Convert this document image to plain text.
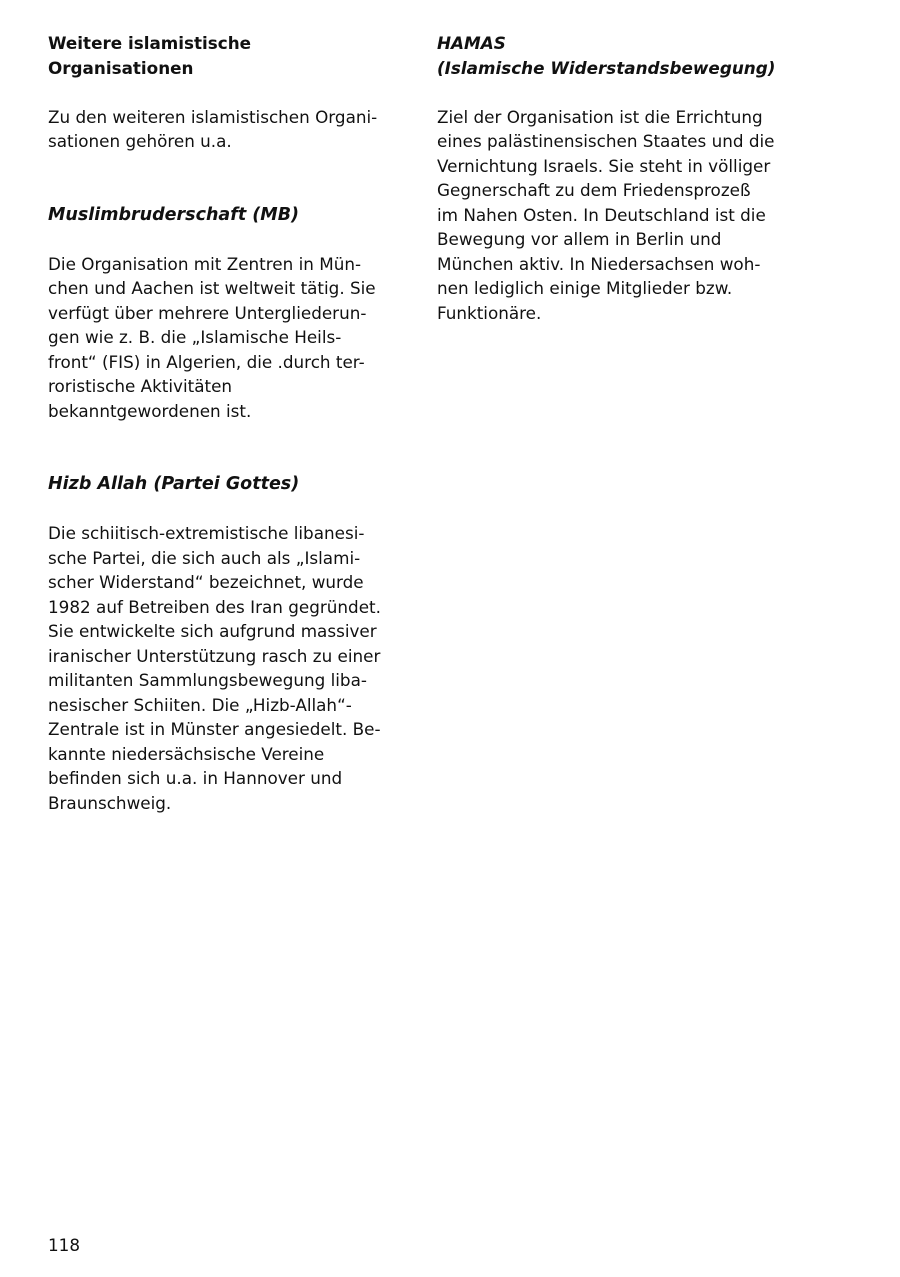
Weitere islamistische
Organisationen

Zu den weiteren islamistischen Organi-
sationen gehören u.a.

Muslimbruderschaft (MB)

Die Organisation mit Zentren in Mün-
chen und Aachen ist weltweit tätig. Sie
verfügt über mehrere Untergliederun-
gen wie z. B. die „Islamische Heils-
front“ (FIS) in Algerien, die .durch ter-
roristische Aktivitäten
bekanntgewordenen ist.

Hizb Allah (Partei Gottes)

Die schiitisch-extremistische libanesi-
sche Partei, die sich auch als „Islami-
scher Widerstand“ bezeichnet, wurde
1982 auf Betreiben des Iran gegründet.
Sie entwickelte sich aufgrund massiver
iranischer Unterstützung rasch zu einer
militanten Sammlungsbewegung liba-
nesischer Schiiten. Die „Hizb-Allah“-
Zentrale ist in Münster angesiedelt. Be-
kannte niedersächsische Vereine
befinden sich u.a. in Hannover und
Braunschweig.

HAMAS
(Islamische Widerstandsbewegung)

Ziel der Organisation ist die Errichtung
eines palästinensischen Staates und die
Vernichtung Israels. Sie steht in völliger
Gegnerschaft zu dem Friedensprozeß
im Nahen Osten. In Deutschland ist die
Bewegung vor allem in Berlin und
München aktiv. In Niedersachsen woh-
nen lediglich einige Mitglieder bzw.
Funktionäre.

118
